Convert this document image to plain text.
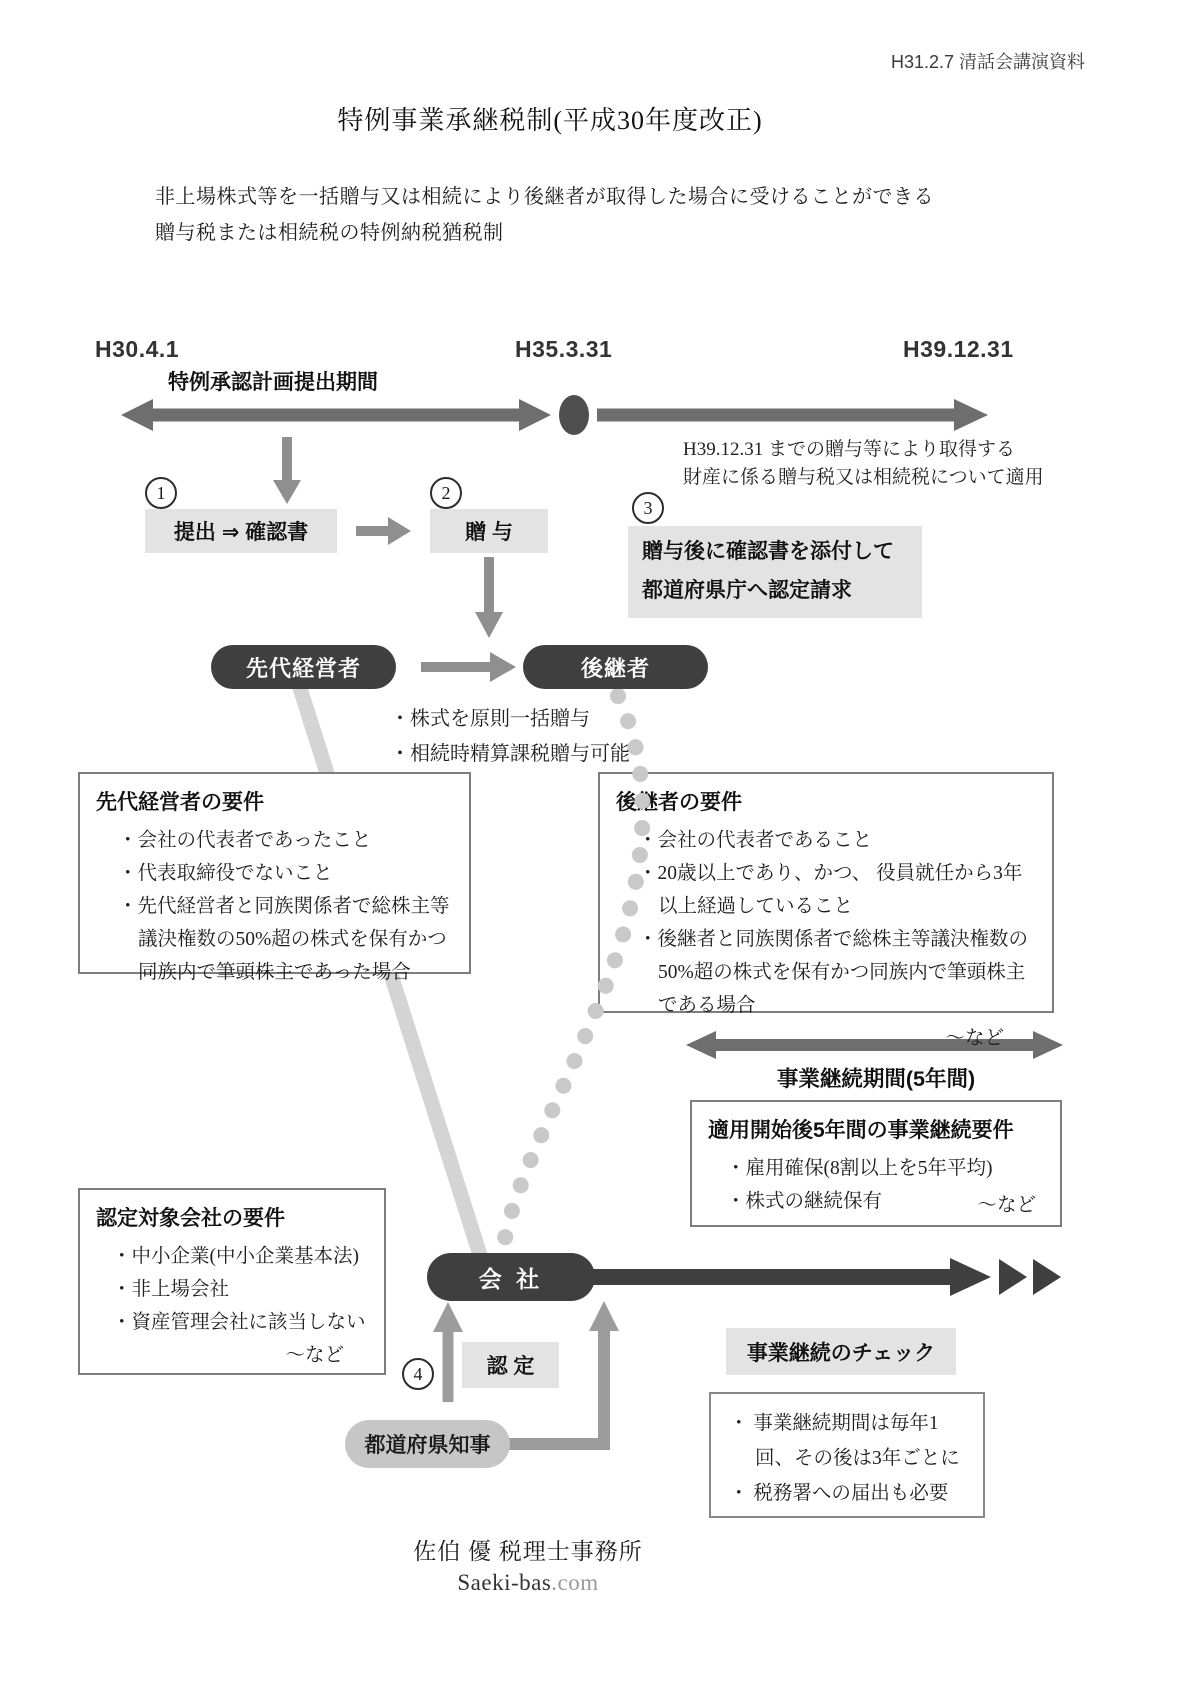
H31.2.7 清話会講演資料
特例事業承継税制(平成30年度改正)
非上場株式等を一括贈与又は相続により後継者が取得した場合に受けることができる
贈与税または相続税の特例納税猶税制
H30.4.1	H35.3.31	H39.12.31
特例承認計画提出期間
H39.12.31 までの贈与等により取得する
財産に係る贈与税又は相続税について適用
1
提出 ⇒ 確認書
2
贈 与
3
贈与後に確認書を添付して
都道府県庁へ認定請求
先代経営者	後継者
・株式を原則一括贈与
・相続時精算課税贈与可能
先代経営者の要件
・会社の代表者であったこと
・代表取締役でないこと
・先代経営者と同族関係者で総株主等議決権数の50%超の株式を保有かつ同族内で筆頭株主であった場合
後継者の要件
・会社の代表者であること
・20歳以上であり、かつ、 役員就任から3年以上経過していること
・後継者と同族関係者で総株主等議決権数の50%超の株式を保有かつ同族内で筆頭株主である場合
～など
事業継続期間(5年間)
適用開始後5年間の事業継続要件
・雇用確保(8割以上を5年平均)
・株式の継続保有	～など
認定対象会社の要件
・中小企業(中小企業基本法)
・非上場会社
・資産管理会社に該当しない
～など
会 社
4	認 定
都道府県知事
事業継続のチェック
・ 事業継続期間は毎年1回、その後は3年ごとに
・ 税務署への届出も必要
佐伯 優 税理士事務所
Saeki-bas.com
